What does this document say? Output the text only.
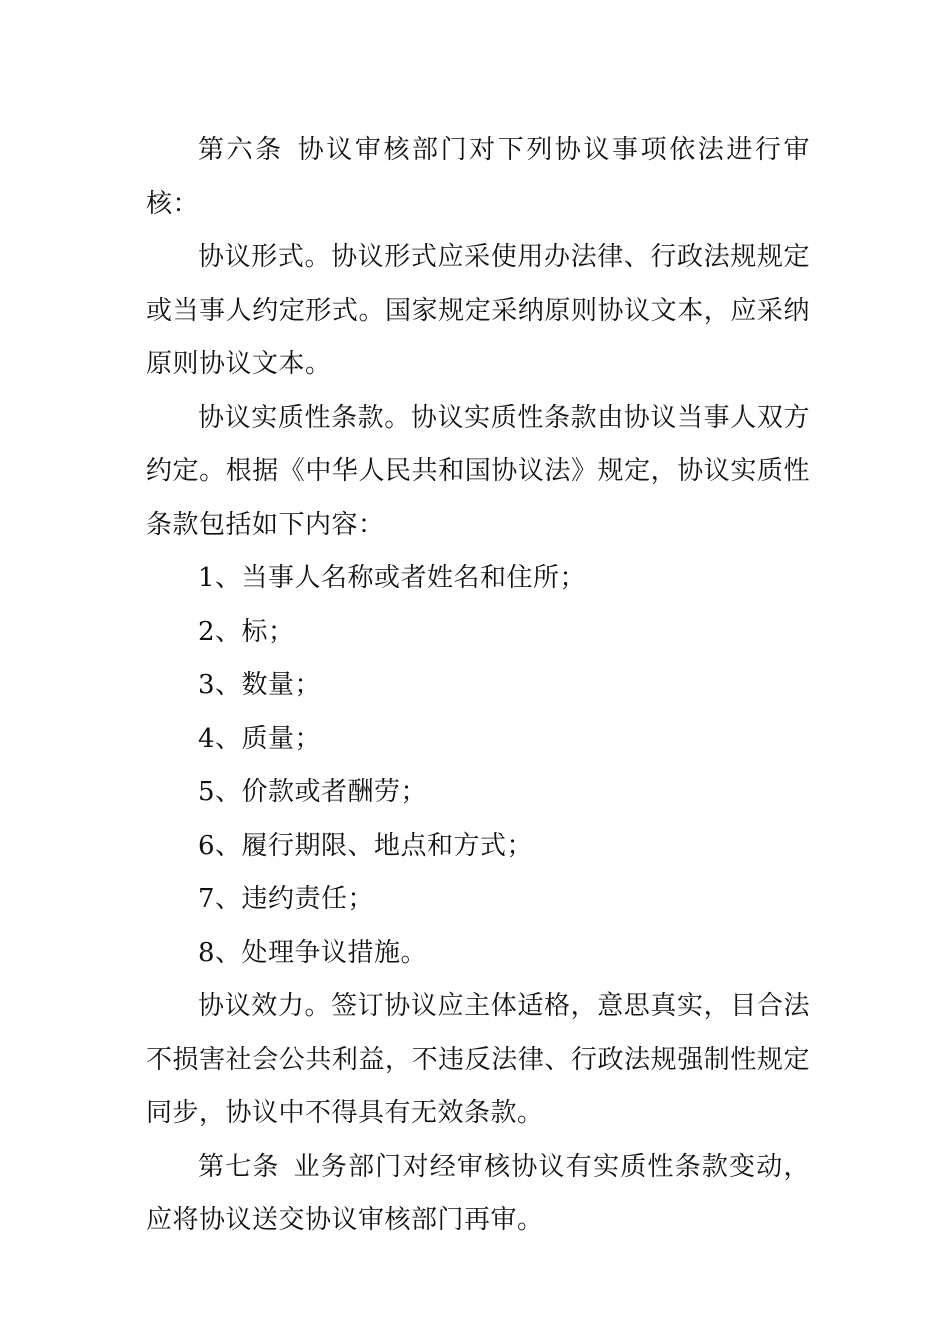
第六条 协议审核部门对下列协议事项依法进行审核：

协议形式。协议形式应采使用办法律、行政法规规定或当事人约定形式。国家规定采纳原则协议文本，应采纳原则协议文本。

协议实质性条款。协议实质性条款由协议当事人双方约定。根据《中华人民共和国协议法》规定，协议实质性条款包括如下内容：

1、当事人名称或者姓名和住所；

2、标；

3、数量；

4、质量；

5、价款或者酬劳；

6、履行期限、地点和方式；

7、违约责任；

8、处理争议措施。

协议效力。签订协议应主体适格，意思真实，目合法不损害社会公共利益，不违反法律、行政法规强制性规定同步，协议中不得具有无效条款。

第七条 业务部门对经审核协议有实质性条款变动，应将协议送交协议审核部门再审。
